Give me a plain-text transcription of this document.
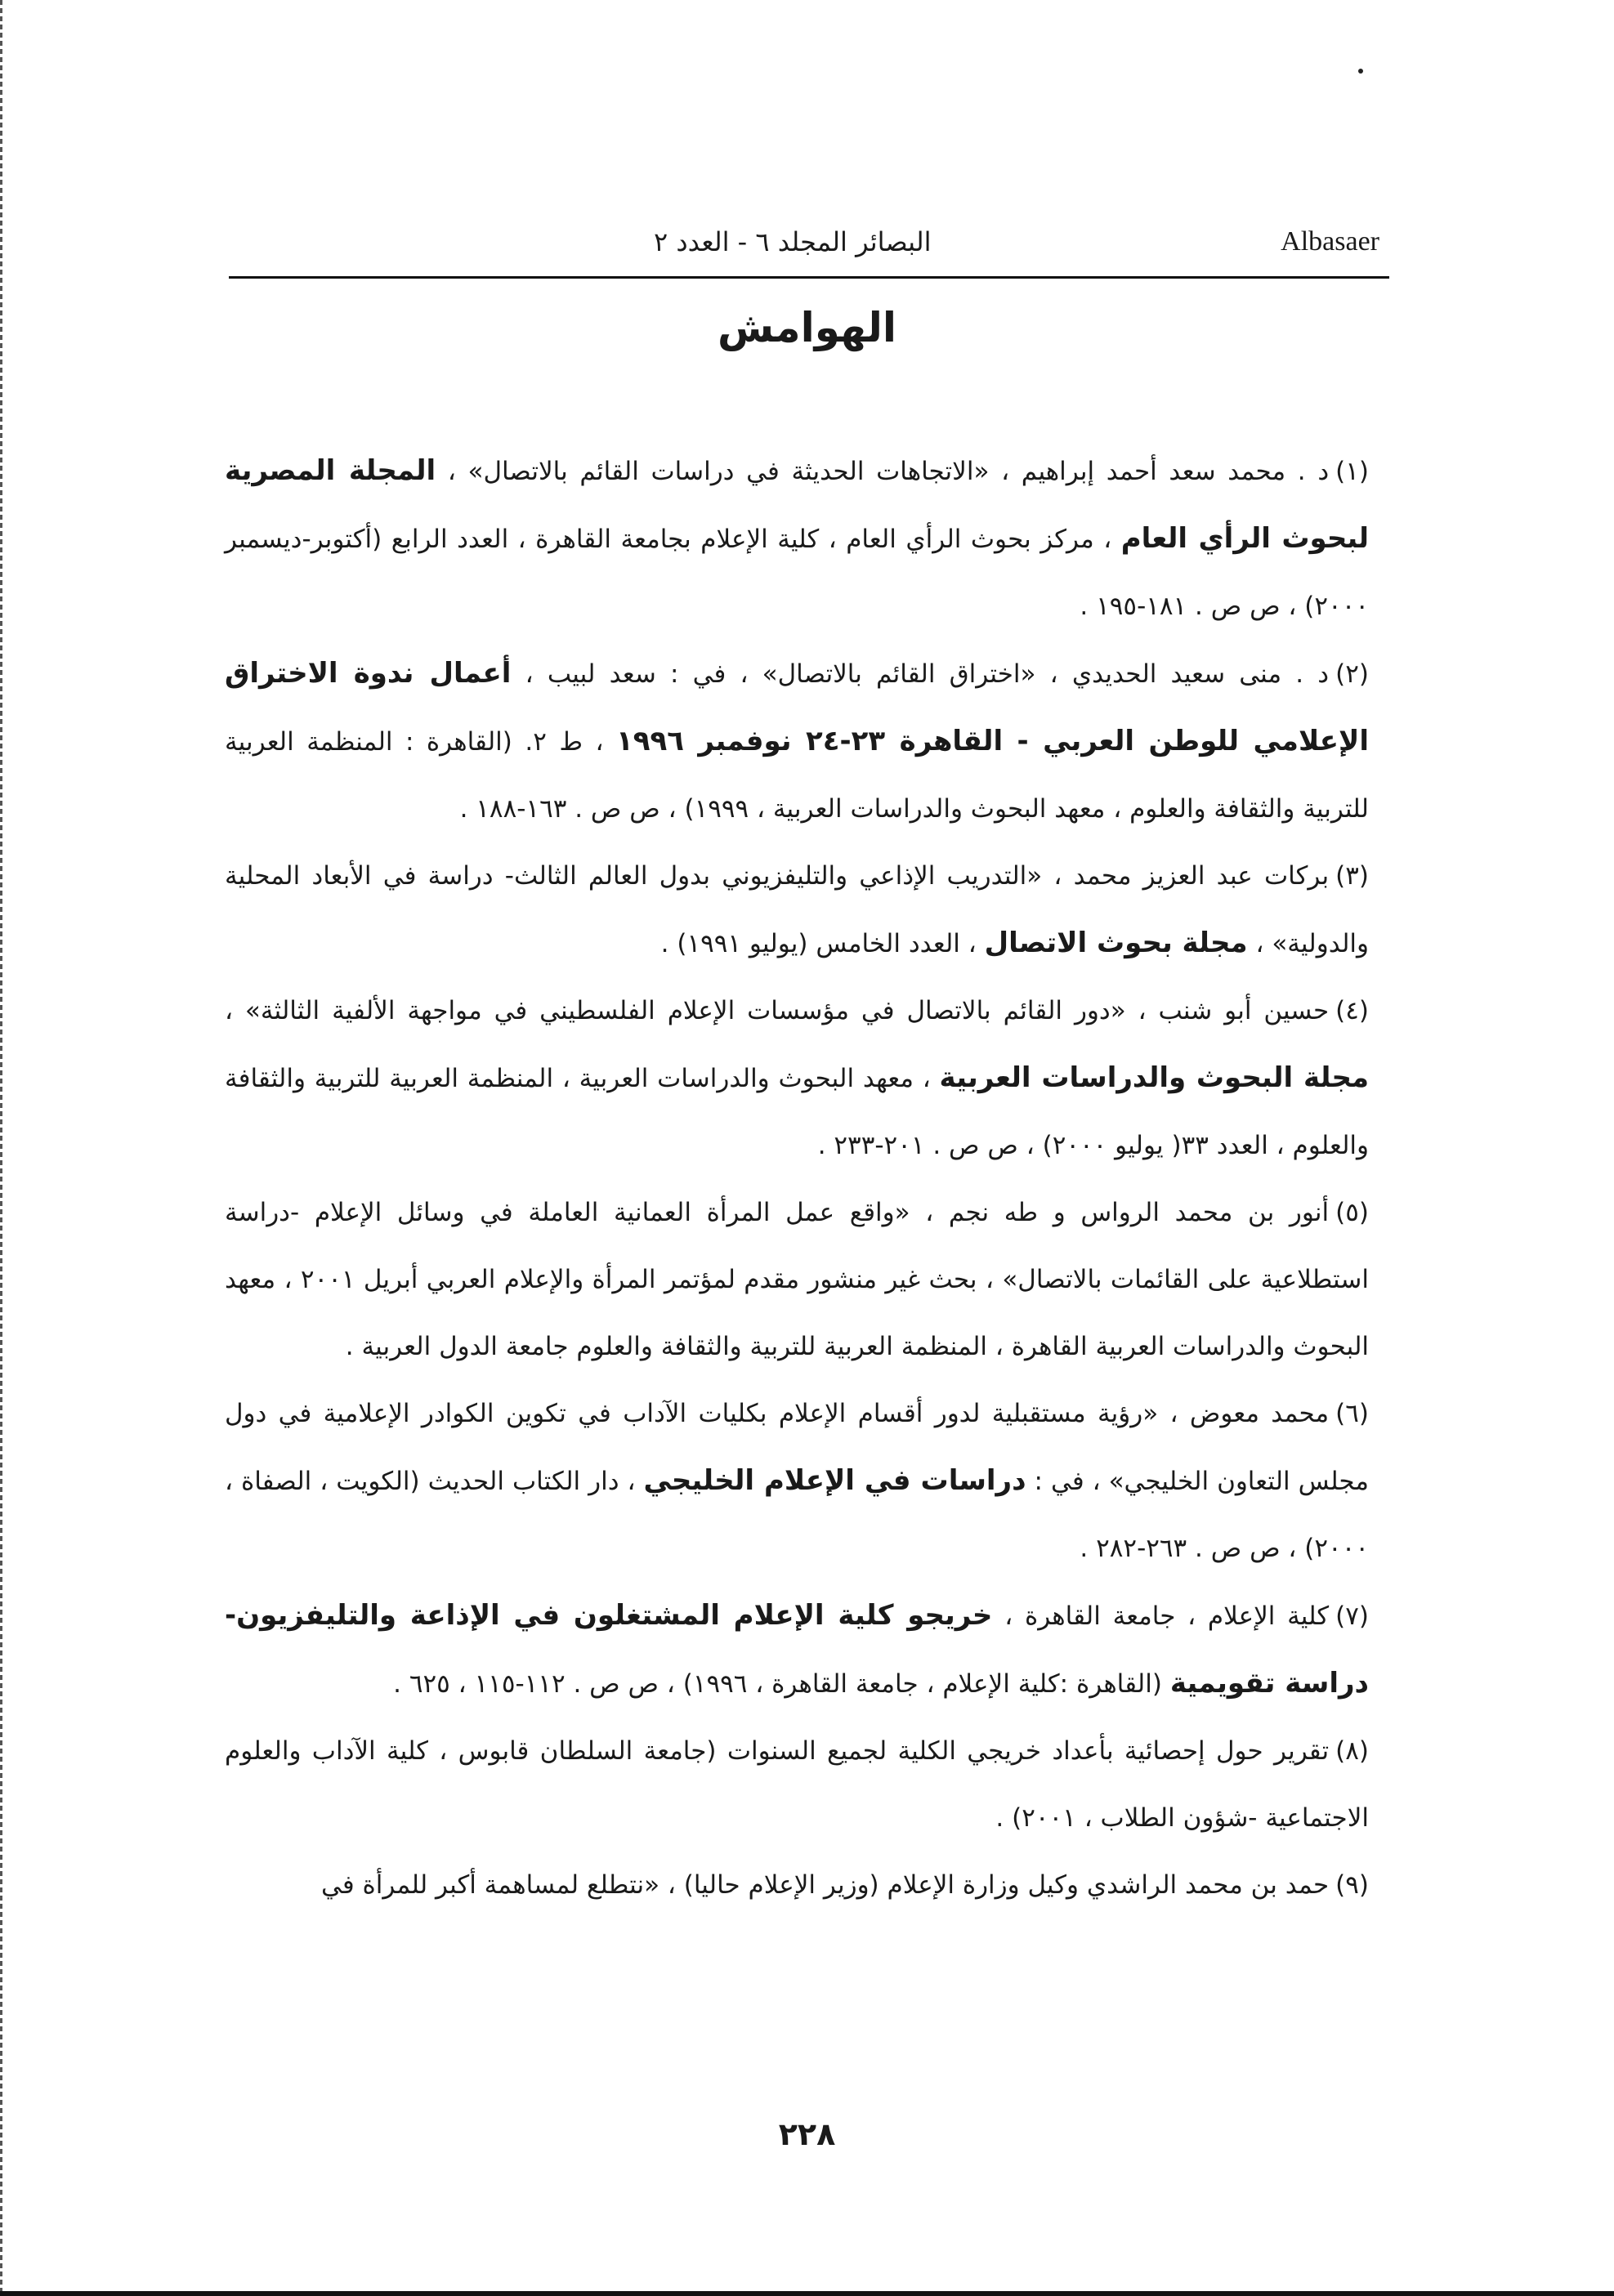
البصائر المجلد ٦ - العدد ٢	Albasaer
الهوامش

(١)د . محمد سعد أحمد إبراهيم ، «الاتجاهات الحديثة في دراسات القائم بالاتصال» ، المجلة المصرية لبحوث الرأي العام ، مركز بحوث الرأي العام ، كلية الإعلام بجامعة القاهرة ، العدد الرابع (أكتوبر-ديسمبر ٢٠٠٠) ، ص ص . ١٨١-١٩٥ .

(٢)د . منى سعيد الحديدي ، «اختراق القائم بالاتصال» ، في : سعد لبيب ، أعمال ندوة الاختراق الإعلامي للوطن العربي - القاهرة ٢٣-٢٤ نوفمبر ١٩٩٦ ، ط ٢. (القاهرة : المنظمة العربية للتربية والثقافة والعلوم ، معهد البحوث والدراسات العربية ، ١٩٩٩) ، ص ص . ١٦٣-١٨٨ .

(٣)بركات عبد العزيز محمد ، «التدريب الإذاعي والتليفزيوني بدول العالم الثالث- دراسة في الأبعاد المحلية والدولية» ، مجلة بحوث الاتصال ، العدد الخامس (يوليو ١٩٩١) .

(٤)حسين أبو شنب ، «دور القائم بالاتصال في مؤسسات الإعلام الفلسطيني في مواجهة الألفية الثالثة» ، مجلة البحوث والدراسات العربية ، معهد البحوث والدراسات العربية ، المنظمة العربية للتربية والثقافة والعلوم ، العدد ٣٣( يوليو ٢٠٠٠) ، ص ص . ٢٠١-٢٣٣ .

(٥)أنور بن محمد الرواس و طه نجم ، «واقع عمل المرأة العمانية العاملة في وسائل الإعلام -دراسة استطلاعية على القائمات بالاتصال» ، بحث غير منشور مقدم لمؤتمر المرأة والإعلام العربي أبريل ٢٠٠١ ، معهد البحوث والدراسات العربية القاهرة ، المنظمة العربية للتربية والثقافة والعلوم جامعة الدول العربية .

(٦)محمد معوض ، «رؤية مستقبلية لدور أقسام الإعلام بكليات الآداب في تكوين الكوادر الإعلامية في دول مجلس التعاون الخليجي» ، في : دراسات في الإعلام الخليجي ، دار الكتاب الحديث (الكويت ، الصفاة ، ٢٠٠٠) ، ص ص . ٢٦٣-٢٨٢ .

(٧)كلية الإعلام ، جامعة القاهرة ، خريجو كلية الإعلام المشتغلون في الإذاعة والتليفزيون- دراسة تقويمية (القاهرة :كلية الإعلام ، جامعة القاهرة ، ١٩٩٦) ، ص ص . ١١٢-١١٥ ، ٦٢٥ .

(٨)تقرير حول إحصائية بأعداد خريجي الكلية لجميع السنوات (جامعة السلطان قابوس ، كلية الآداب والعلوم الاجتماعية -شؤون الطلاب ، ٢٠٠١) .

(٩)حمد بن محمد الراشدي وكيل وزارة الإعلام (وزير الإعلام حاليا) ، «نتطلع لمساهمة أكبر للمرأة في

٢٢٨
